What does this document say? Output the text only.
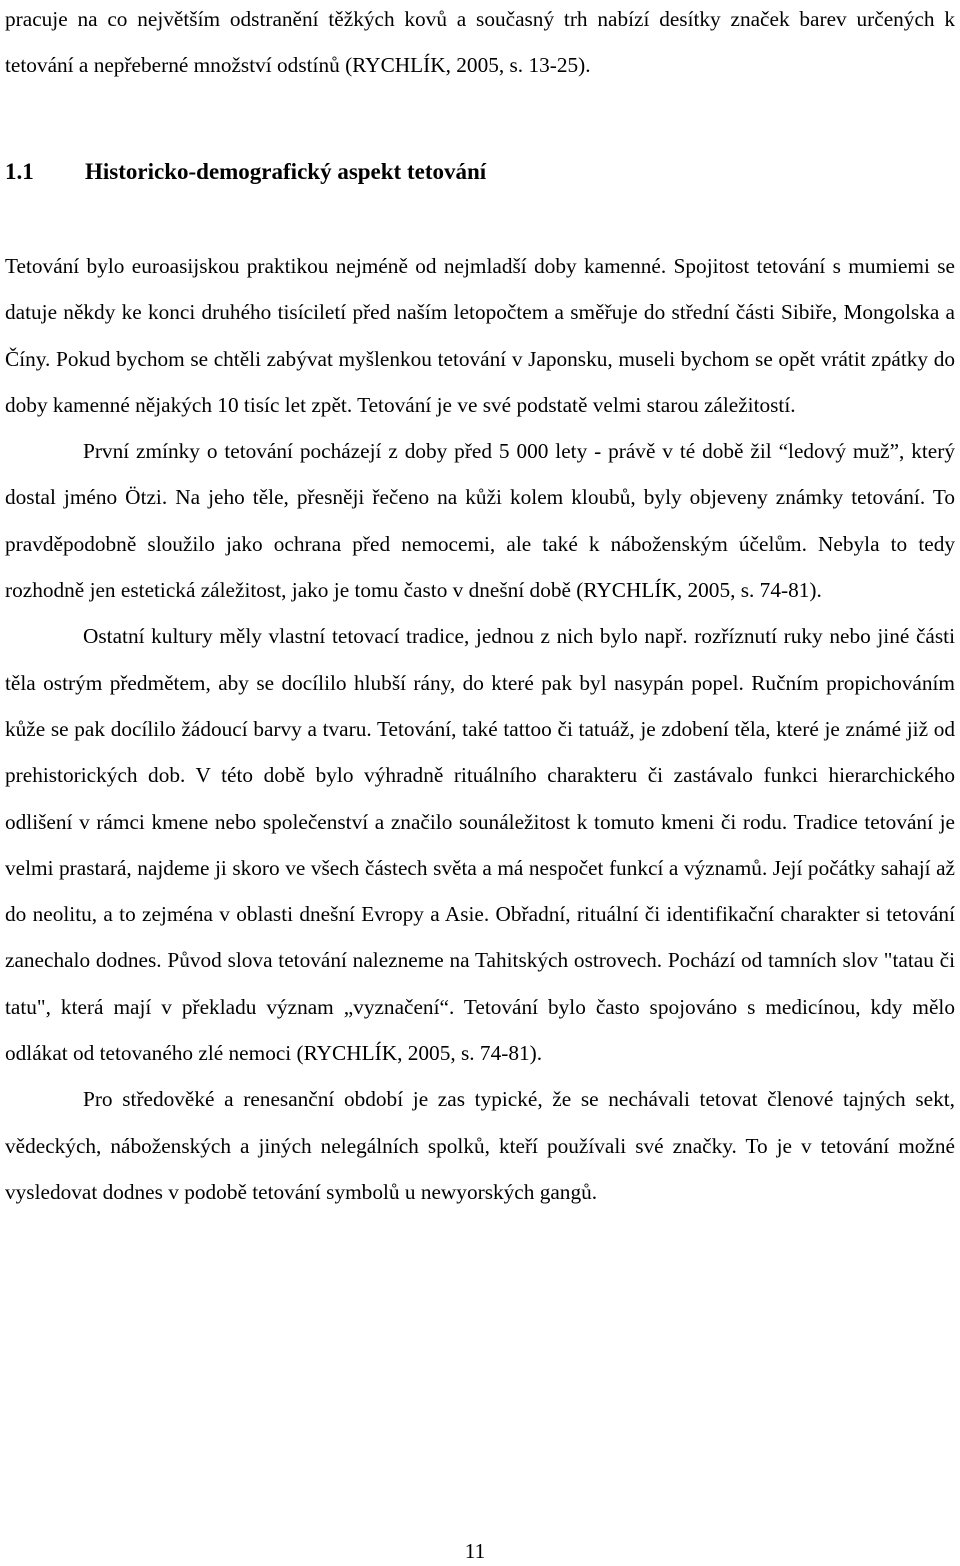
pracuje na co největším odstranění těžkých kovů a současný trh nabízí desítky značek barev určených k tetování a nepřeberné množství odstínů (RYCHLÍK, 2005, s. 13-25).

1.1 Historicko-demografický aspekt tetování

Tetování bylo euroasijskou praktikou nejméně od nejmladší doby kamenné. Spojitost tetování s mumiemi se datuje někdy ke konci druhého tisíciletí před naším letopočtem a směřuje do střední části Sibiře, Mongolska a Číny. Pokud bychom se chtěli zabývat myšlenkou tetování v Japonsku, museli bychom se opět vrátit zpátky do doby kamenné nějakých 10 tisíc let zpět. Tetování je ve své podstatě velmi starou záležitostí.

První zmínky o tetování pocházejí z doby před 5 000 lety - právě v té době žil “ledový muž”, který dostal jméno Ötzi. Na jeho těle, přesněji řečeno na kůži kolem kloubů, byly objeveny známky tetování. To pravděpodobně sloužilo jako ochrana před nemocemi, ale také k náboženským účelům. Nebyla to tedy rozhodně jen estetická záležitost, jako je tomu často v dnešní době (RYCHLÍK, 2005, s. 74-81).

Ostatní kultury měly vlastní tetovací tradice, jednou z nich bylo např. rozříznutí ruky nebo jiné části těla ostrým předmětem, aby se docílilo hlubší rány, do které pak byl nasypán popel. Ručním propichováním kůže se pak docílilo žádoucí barvy a tvaru. Tetování, také tattoo či tatuáž, je zdobení těla, které je známé již od prehistorických dob. V této době bylo výhradně rituálního charakteru či zastávalo funkci hierarchického odlišení v rámci kmene nebo společenství a značilo sounáležitost k tomuto kmeni či rodu. Tradice tetování je velmi prastará, najdeme ji skoro ve všech částech světa a má nespočet funkcí a významů. Její počátky sahají až do neolitu, a to zejména v oblasti dnešní Evropy a Asie. Obřadní, rituální či identifikační charakter si tetování zanechalo dodnes. Původ slova tetování nalezneme na Tahitských ostrovech. Pochází od tamních slov "tatau či tatu", která mají v překladu význam „vyznačení“. Tetování bylo často spojováno s medicínou, kdy mělo odlákat od tetovaného zlé nemoci (RYCHLÍK, 2005, s. 74-81).

Pro středověké a renesanční období je zas typické, že se nechávali tetovat členové tajných sekt, vědeckých, náboženských a jiných nelegálních spolků, kteří používali své značky. To je v tetování možné vysledovat dodnes v podobě tetování symbolů u newyorských gangů.

11
